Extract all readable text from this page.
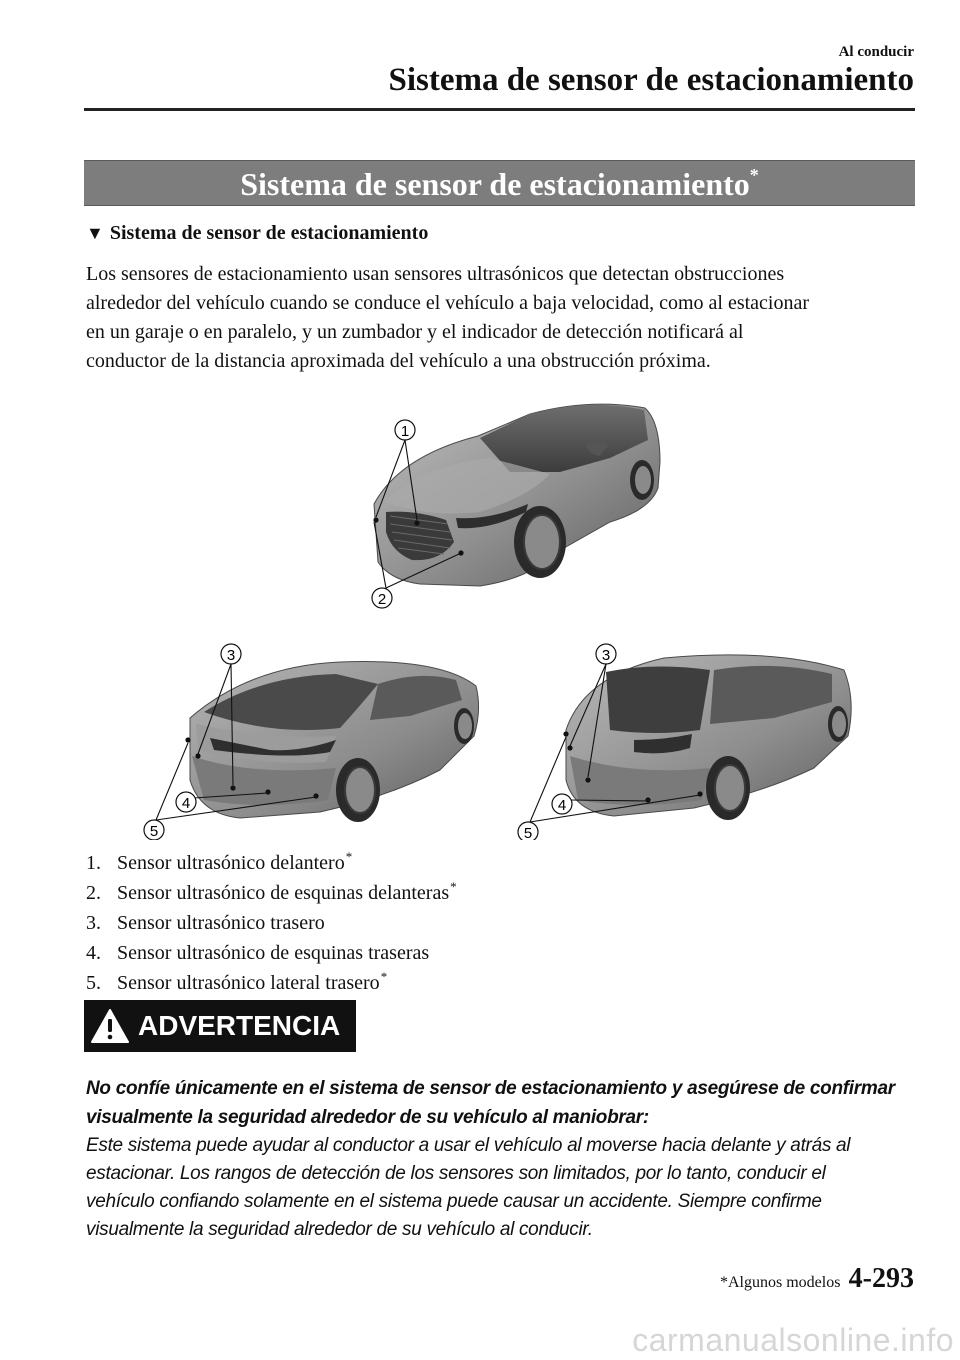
Al conducir
Sistema de sensor de estacionamiento
Sistema de sensor de estacionamiento*
▼ Sistema de sensor de estacionamiento
Los sensores de estacionamiento usan sensores ultrasónicos que detectan obstrucciones
alrededor del vehículo cuando se conduce el vehículo a baja velocidad, como al estacionar
en un garaje o en paralelo, y un zumbador y el indicador de detección notificará al
conductor de la distancia aproximada del vehículo a una obstrucción próxima.
1
2
3
4
5
3
4
5
1. Sensor ultrasónico delantero*
2. Sensor ultrasónico de esquinas delanteras*
3. Sensor ultrasónico trasero
4. Sensor ultrasónico de esquinas traseras
5. Sensor ultrasónico lateral trasero*
ADVERTENCIA
No confíe únicamente en el sistema de sensor de estacionamiento y asegúrese de confirmar
visualmente la seguridad alrededor de su vehículo al maniobrar:
Este sistema puede ayudar al conductor a usar el vehículo al moverse hacia delante y atrás al
estacionar. Los rangos de detección de los sensores son limitados, por lo tanto, conducir el
vehículo confiando solamente en el sistema puede causar un accidente. Siempre confirme
visualmente la seguridad alrededor de su vehículo al conducir.
*Algunos modelos 4-293
carmanualsonline.info
